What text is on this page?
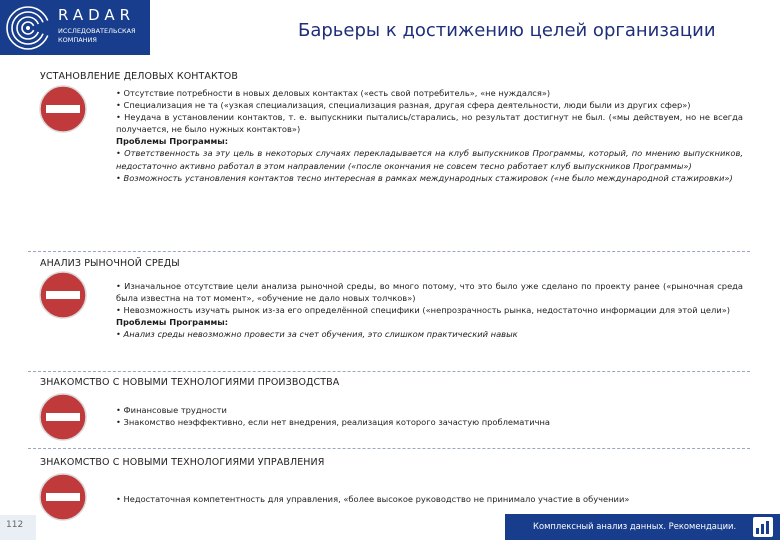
RADAR
ИССЛЕДОВАТЕЛЬСКАЯ
КОМПАНИЯ	Барьеры к достижению целей организации
УСТАНОВЛЕНИЕ ДЕЛОВЫХ КОНТАКТОВ

• Отсутствие потребности в новых деловых контактах («есть свой потребитель», «не нуждался»)

• Специализация не та («узкая специализация, специализация разная, другая сфера деятельности, люди были из других сфер»)

• Неудача в установлении контактов, т. е. выпускники пытались/старались, но результат достигнут не был. («мы действуем, но не всегда получается, не было нужных контактов»)

Проблемы Программы:

• Ответственность за эту цель в некоторых случаях перекладывается на клуб выпускников Программы, который, по мнению выпускников, недостаточно активно работал в этом направлении («после окончания не совсем тесно работает клуб выпускников Программы»)

• Возможность установления контактов тесно интересная в рамках международных стажировок («не было международной стажировки»)

АНАЛИЗ РЫНОЧНОЙ СРЕДЫ

• Изначальное отсутствие цели анализа рыночной среды, во много потому, что это было уже сделано по проекту ранее («рыночная среда была известна на тот момент», «обучение не дало новых толчков»)

• Невозможность изучать рынок из-за его определённой специфики («непрозрачность рынка, недостаточно информации для этой цели»)

Проблемы Программы:

• Анализ среды невозможно провести за счет обучения, это слишком практический навык

ЗНАКОМСТВО С НОВЫМИ ТЕХНОЛОГИЯМИ ПРОИЗВОДСТВА

• Финансовые трудности

• Знакомство неэффективно, если нет внедрения, реализация которого зачастую проблематична

ЗНАКОМСТВО С НОВЫМИ ТЕХНОЛОГИЯМИ УПРАВЛЕНИЯ

• Недостаточная компетентность для управления, «более высокое руководство не принимало участие в обучении»

112	Комплексный анализ данных. Рекомендации.
